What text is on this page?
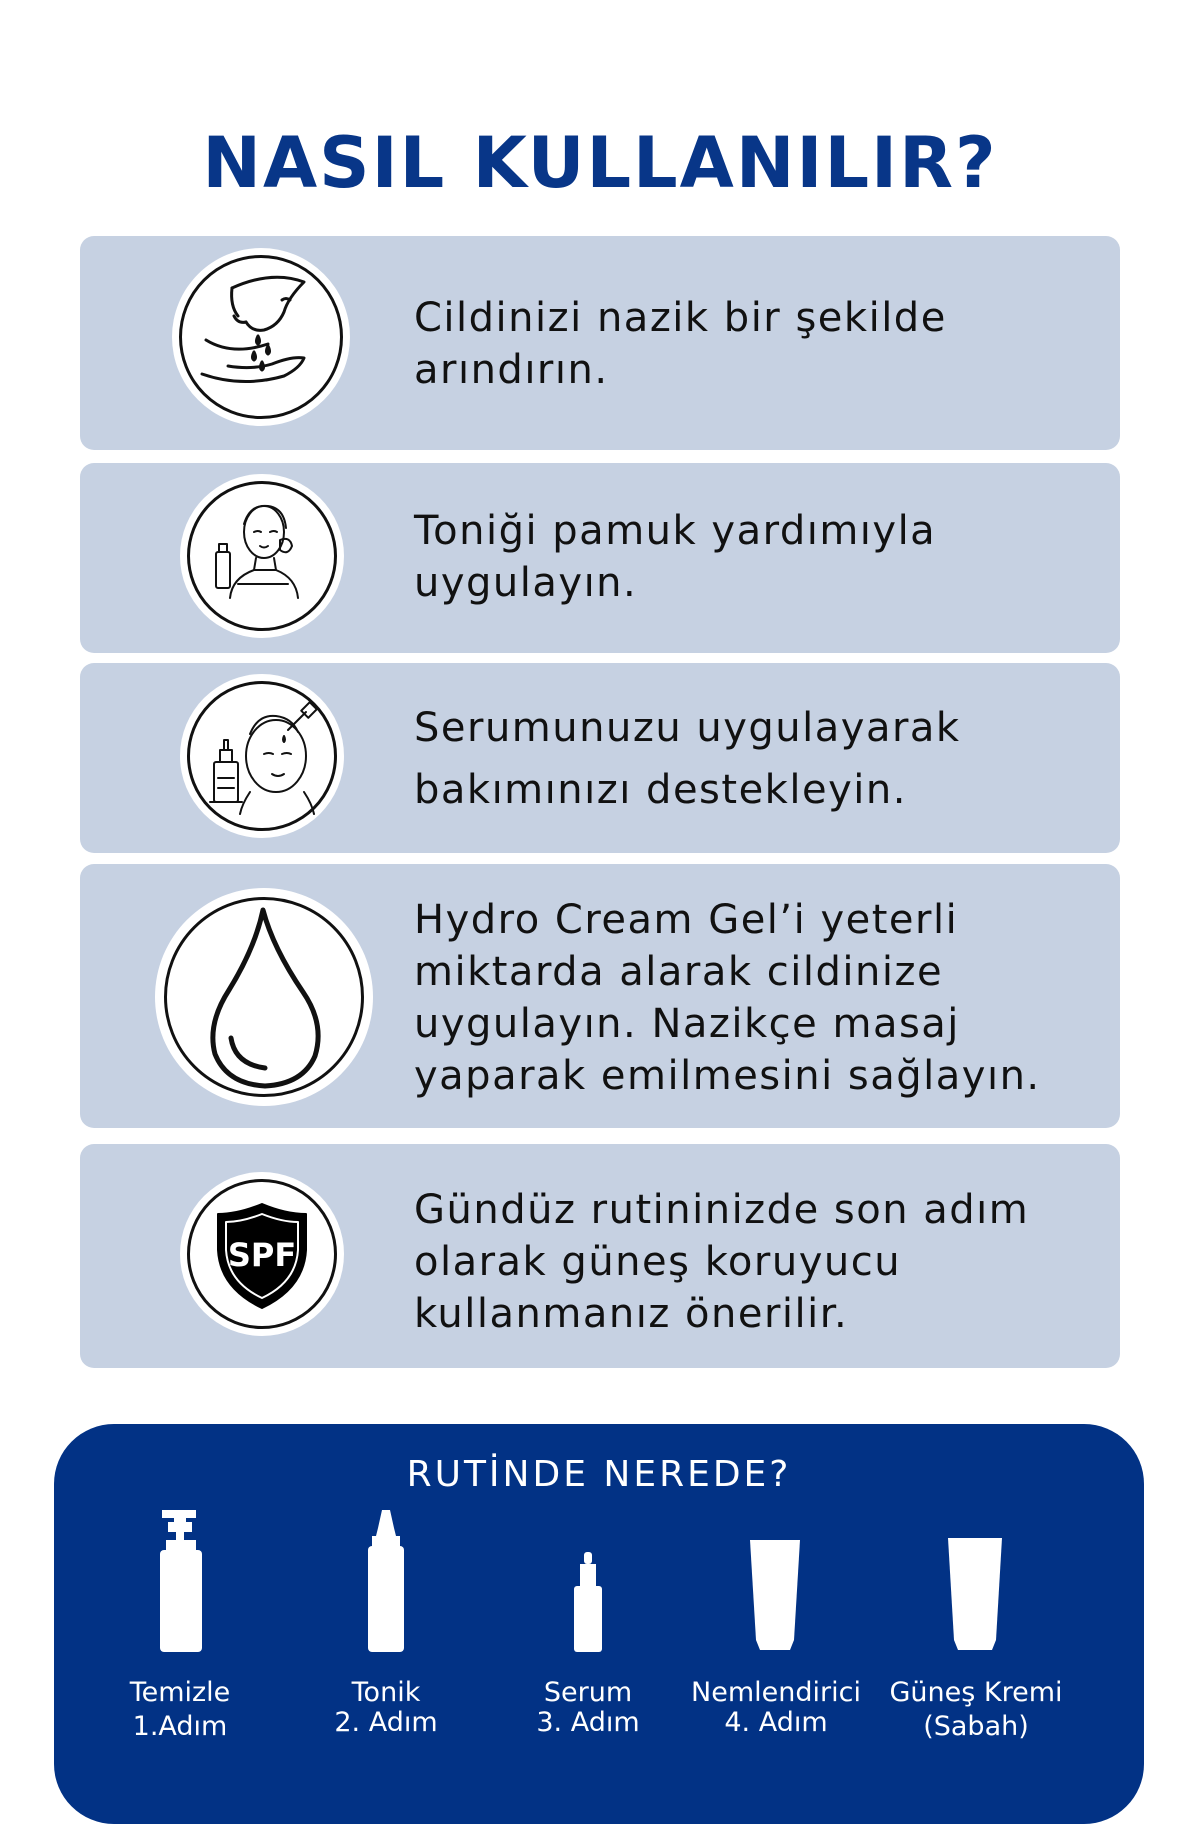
NASIL KULLANILIR?
Cildinizi nazik bir şekilde arındırın.
Toniği pamuk yardımıyla uygulayın.
Serumunuzu uygulayarak bakımınızı destekleyin.
Hydro Cream Gel’i yeterli miktarda alarak cildinize uygulayın. Nazikçe masaj yaparak emilmesini sağlayın.
SPF
Gündüz rutininizde son adım olarak güneş koruyucu kullanmanız önerilir.
RUTİNDE NEREDE?
Temizle
1.Adım
Tonik
2. Adım
Serum
3. Adım
Nemlendirici
4. Adım
Güneş Kremi
(Sabah)
